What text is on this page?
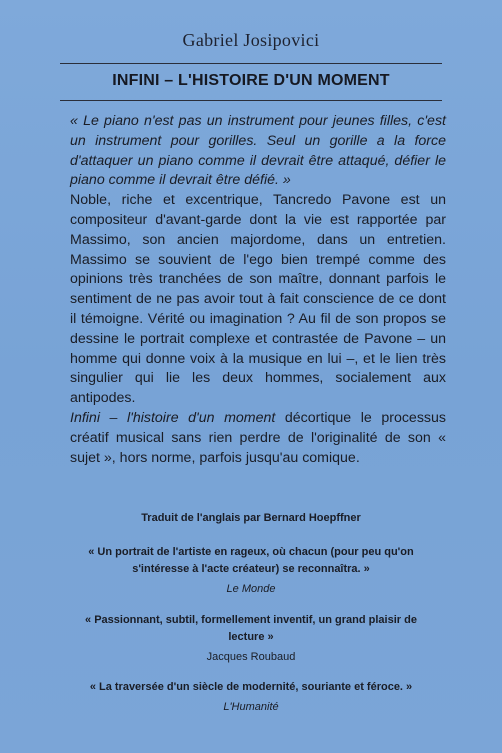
Gabriel Josipovici
INFINI – L'HISTOIRE D'UN MOMENT

« Le piano n'est pas un instrument pour jeunes filles, c'est un instrument pour gorilles. Seul un gorille a la force d'attaquer un piano comme il devrait être attaqué, défier le piano comme il devrait être défié. »

Noble, riche et excentrique, Tancredo Pavone est un compositeur d'avant-garde dont la vie est rapportée par Massimo, son ancien majordome, dans un entretien. Massimo se souvient de l'ego bien trempé comme des opinions très tranchées de son maître, donnant parfois le sentiment de ne pas avoir tout à fait conscience de ce dont il témoigne. Vérité ou imagination ? Au fil de son propos se dessine le portrait complexe et contrastée de Pavone – un homme qui donne voix à la musique en lui –, et le lien très singulier qui lie les deux hommes, socialement aux antipodes.

Infini – l'histoire d'un moment décortique le processus créatif musical sans rien perdre de l'originalité de son « sujet », hors norme, parfois jusqu'au comique.

Traduit de l'anglais par Bernard Hoepffner
« Un portrait de l'artiste en rageux, où chacun (pour peu qu'on s'intéresse à l'acte créateur) se reconnaîtra. »
Le Monde
« Passionnant, subtil, formellement inventif, un grand plaisir de lecture »
Jacques Roubaud
« La traversée d'un siècle de modernité, souriante et féroce. »
L'Humanité
